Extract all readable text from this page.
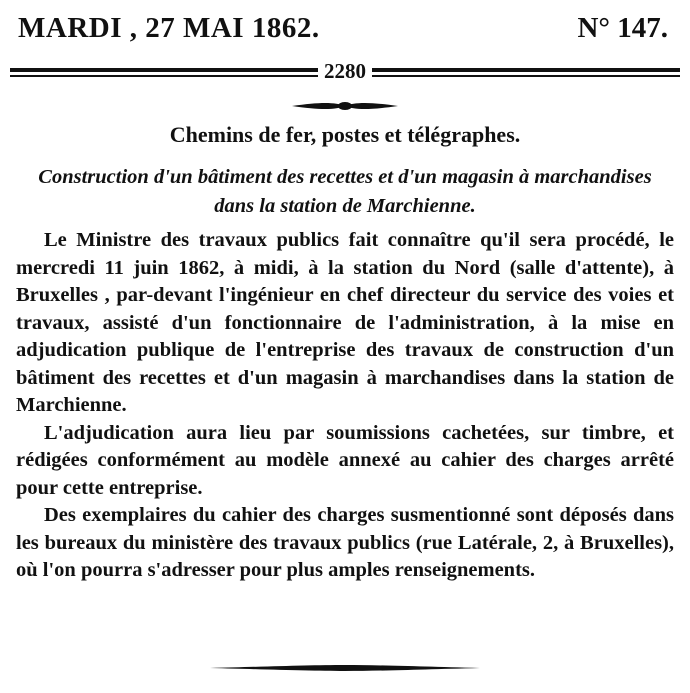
MARDI , 27 MAI 1862.	N° 147.
2280
Chemins de fer, postes et télégraphes.
Construction d'un bâtiment des recettes et d'un magasin à marchandises dans la station de Marchienne.

Le Ministre des travaux publics fait connaître qu'il sera procédé, le mercredi 11 juin 1862, à midi, à la station du Nord (salle d'attente), à Bruxelles , par-devant l'ingénieur en chef directeur du service des voies et travaux, assisté d'un fonctionnaire de l'administration, à la mise en adjudication publique de l'entreprise des travaux de construction d'un bâtiment des recettes et d'un magasin à marchandises dans la station de Marchienne.

L'adjudication aura lieu par soumissions cachetées, sur timbre, et rédigées conformément au modèle annexé au cahier des charges arrêté pour cette entreprise.

Des exemplaires du cahier des charges susmentionné sont déposés dans les bureaux du ministère des travaux publics (rue Latérale, 2, à Bruxelles), où l'on pourra s'adresser pour plus amples renseignements.
